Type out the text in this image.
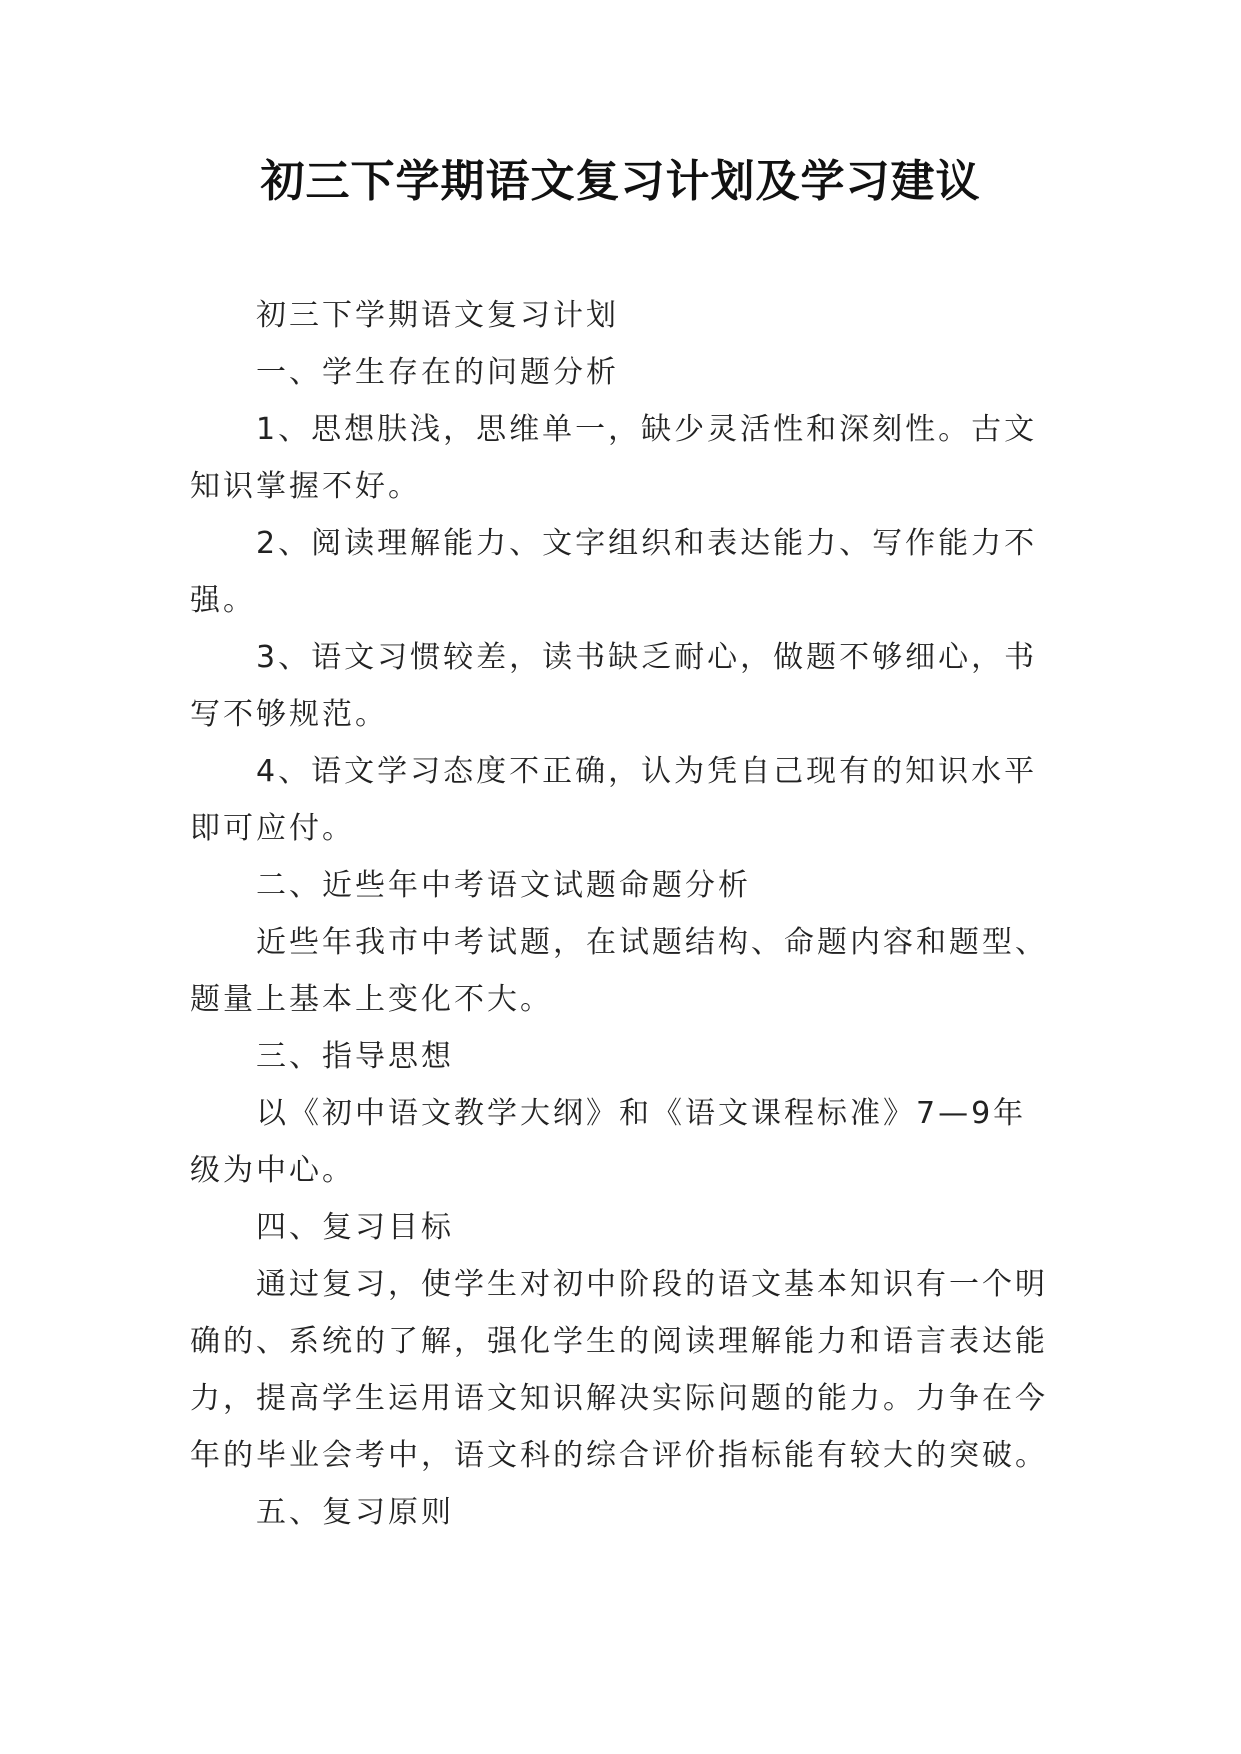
初三下学期语文复习计划及学习建议

初三下学期语文复习计划

一、学生存在的问题分析

1、思想肤浅，思维单一，缺少灵活性和深刻性。古文知识掌握不好。

2、阅读理解能力、文字组织和表达能力、写作能力不强。

3、语文习惯较差，读书缺乏耐心，做题不够细心，书写不够规范。

4、语文学习态度不正确，认为凭自己现有的知识水平即可应付。

二、近些年中考语文试题命题分析

近些年我市中考试题，在试题结构、命题内容和题型、题量上基本上变化不大。

三、指导思想

以《初中语文教学大纲》和《语文课程标准》7—9年级为中心。

四、复习目标

通过复习，使学生对初中阶段的语文基本知识有一个明确的、系统的了解，强化学生的阅读理解能力和语言表达能力，提高学生运用语文知识解决实际问题的能力。力争在今年的毕业会考中，语文科的综合评价指标能有较大的突破。

五、复习原则
